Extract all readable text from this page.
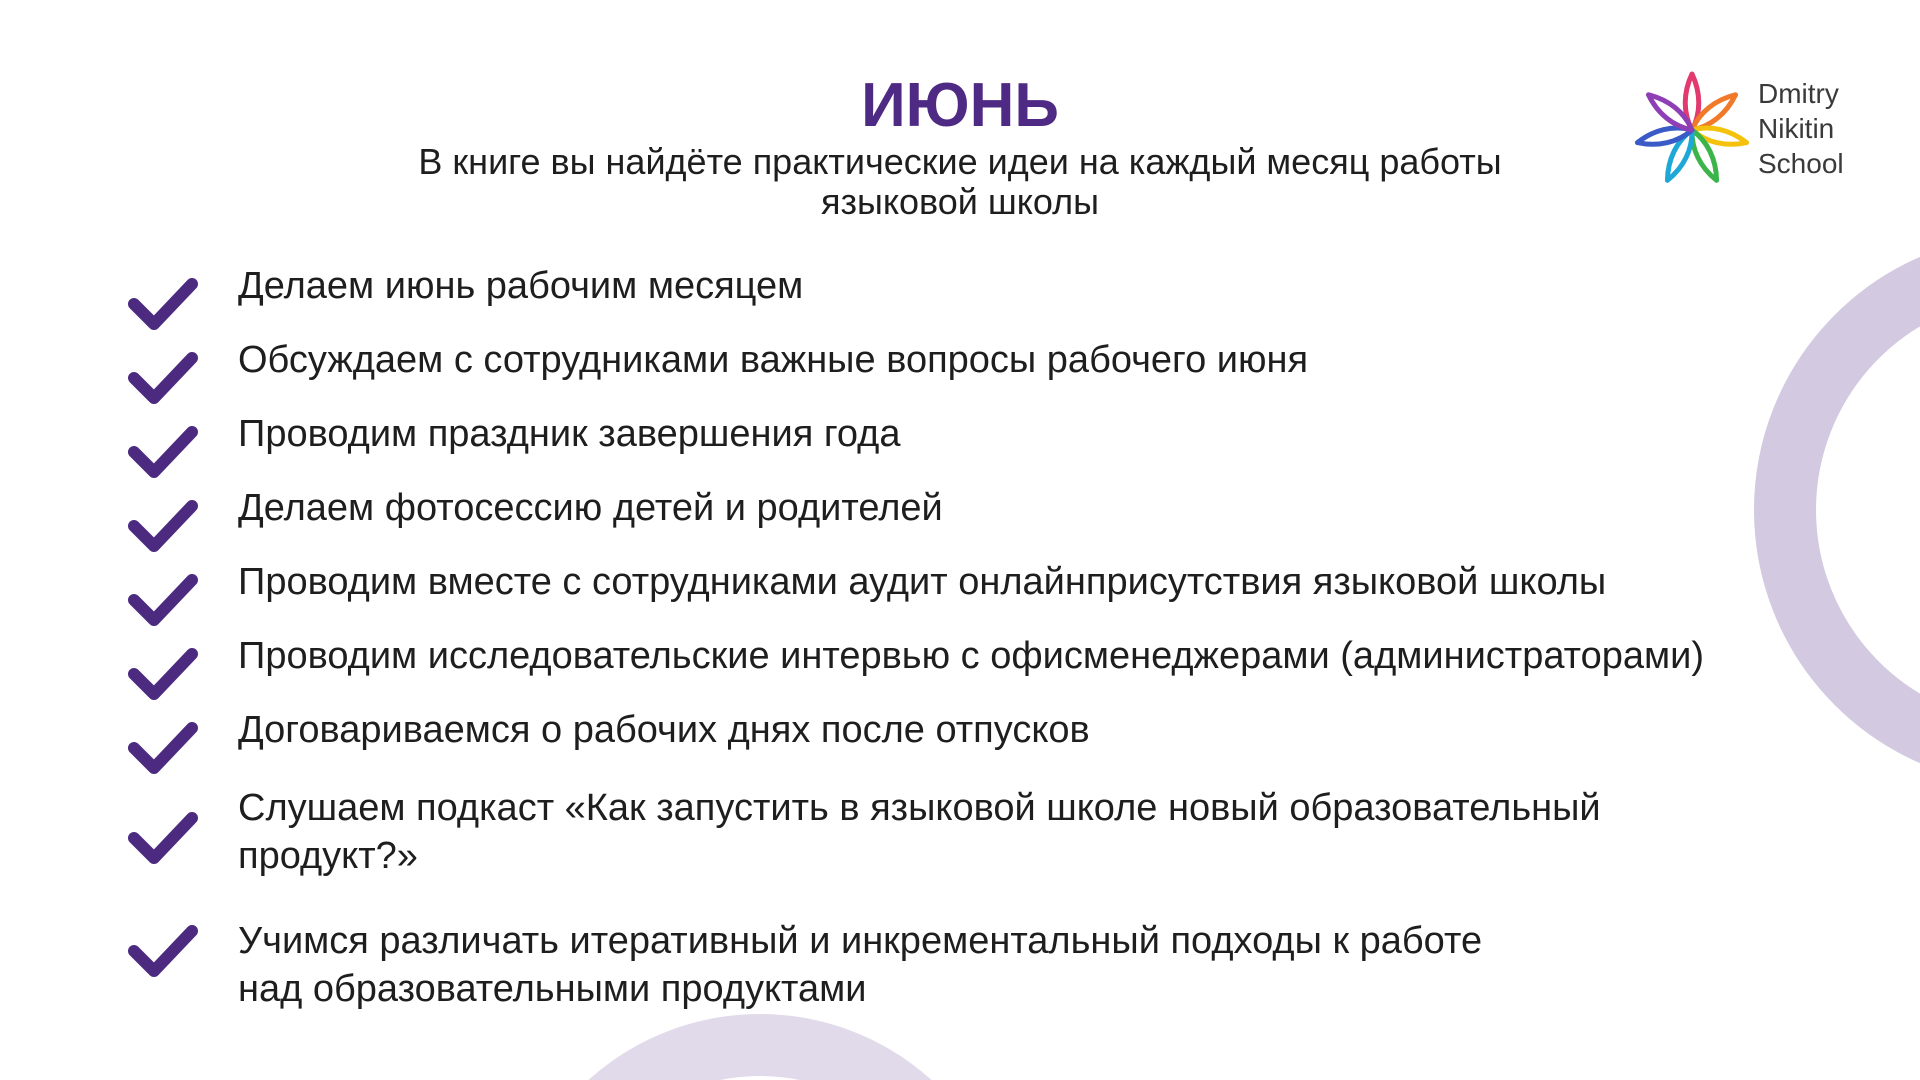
ИЮНЬ
В книге вы найдёте практические идеи на каждый месяц работы
языковой школы
Dmitry
Nikitin
School
Делаем июнь рабочим месяцем
Обсуждаем с сотрудниками важные вопросы рабочего июня
Проводим праздник завершения года
Делаем фотосессию детей и родителей
Проводим вместе с сотрудниками аудит онлайнприсутствия языковой школы
Проводим исследовательские интервью с офисменеджерами (администраторами)
Договариваемся о рабочих днях после отпусков
Слушаем подкаст «Как запустить в языковой школе новый образовательный
продукт?»
Учимся различать итеративный и инкрементальный подходы к работе
над образовательными продуктами
